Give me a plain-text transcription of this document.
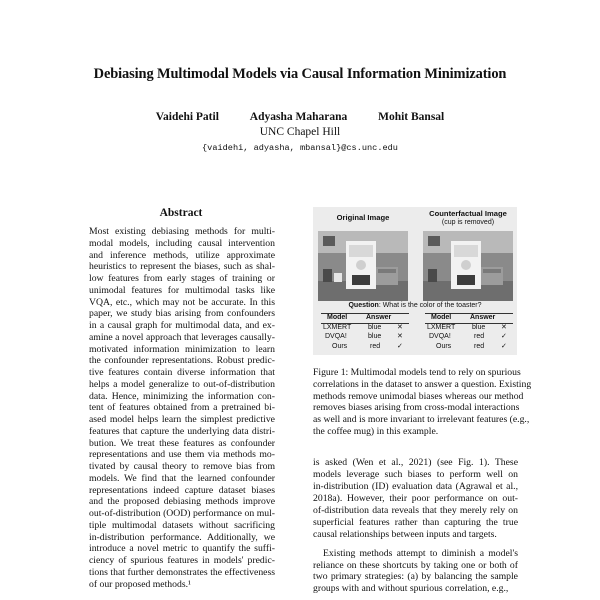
Debiasing Multimodal Models via Causal Information Minimization
Vaidehi Patil	Adyasha Maharana	Mohit Bansal
UNC Chapel Hill
{vaidehi, adyasha, mbansal}@cs.unc.edu
Abstract
Most existing debiasing methods for multi-
modal models, including causal intervention
and inference methods, utilize approximate
heuristics to represent the biases, such as shal-
low features from early stages of training or
unimodal features for multimodal tasks like
VQA, etc., which may not be accurate. In this
paper, we study bias arising from confounders
in a causal graph for multimodal data, and ex-
amine a novel approach that leverages causally-
motivated information minimization to learn
the confounder representations. Robust predic-
tive features contain diverse information that
helps a model generalize to out-of-distribution
data. Hence, minimizing the information con-
tent of features obtained from a pretrained bi-
ased model helps learn the simplest predictive
features that capture the underlying data distri-
bution. We treat these features as confounder
representations and use them via methods mo-
tivated by causal theory to remove bias from
models. We find that the learned confounder
representations indeed capture dataset biases
and the proposed debiasing methods improve
out-of-distribution (OOD) performance on mul-
tiple multimodal datasets without sacrificing
in-distribution performance. Additionally, we
introduce a novel metric to quantify the suffi-
ciency of spurious features in models' predic-
tions that further demonstrates the effectiveness
of our proposed methods.¹
Original Image	Counterfactual Image
(cup is removed)
Question: What is the color of the toaster?
Model	Answer
LXMERT blue ✕
DVQA!	blue ✕
Ours	red ✓
Model	Answer
LXMERT blue ✕
DVQA!	red ✓
Ours	red ✓
Figure 1: Multimodal models tend to rely on spurious
correlations in the dataset to answer a question. Existing
methods remove unimodal biases whereas our method
removes biases arising from cross-modal interactions
as well and is more invariant to irrelevant features (e.g.,
the coffee mug) in this example.
is asked (Wen et al., 2021) (see Fig. 1). These
models leverage such biases to perform well on
in-distribution (ID) evaluation data (Agrawal et al.,
2018a). However, their poor performance on out-
of-distribution data reveals that they merely rely on
superficial features rather than capturing the true
causal relationships between inputs and targets.
Existing methods attempt to diminish a model's
reliance on these shortcuts by taking one or both of
two primary strategies: (a) by balancing the sample
groups with and without spurious correlation, e.g.,
